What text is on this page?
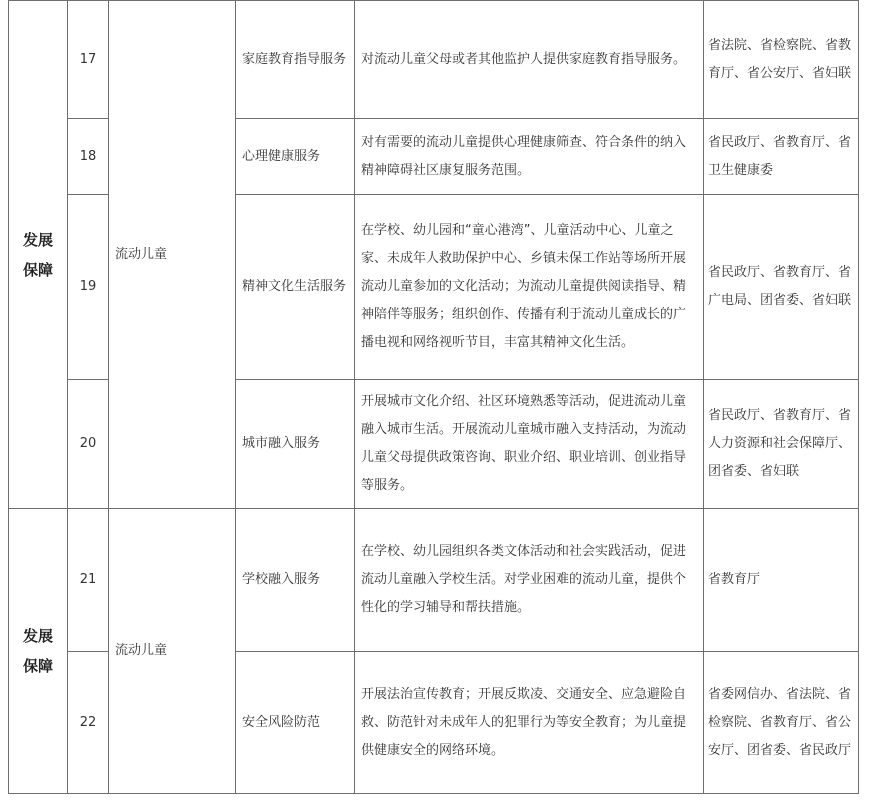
发展
保障	17	流动儿童	家庭教育指导服务	对流动儿童父母或者其他监护人提供家庭教育指导服务。	省法院、省检察院、省教育厅、省公安厅、省妇联
	18		心理健康服务	对有需要的流动儿童提供心理健康筛查、符合条件的纳入精神障碍社区康复服务范围。	省民政厅、省教育厅、省卫生健康委
	19		精神文化生活服务	在学校、幼儿园和“童心港湾”、儿童活动中心、儿童之家、未成年人救助保护中心、乡镇未保工作站等场所开展流动儿童参加的文化活动；为流动儿童提供阅读指导、精神陪伴等服务；组织创作、传播有利于流动儿童成长的广播电视和网络视听节目，丰富其精神文化生活。	省民政厅、省教育厅、省广电局、团省委、省妇联
	20		城市融入服务	开展城市文化介绍、社区环境熟悉等活动，促进流动儿童融入城市生活。开展流动儿童城市融入支持活动，为流动儿童父母提供政策咨询、职业介绍、职业培训、创业指导等服务。	省民政厅、省教育厅、省人力资源和社会保障厅、团省委、省妇联

发展
保障	21	流动儿童	学校融入服务	在学校、幼儿园组织各类文体活动和社会实践活动，促进流动儿童融入学校生活。对学业困难的流动儿童，提供个性化的学习辅导和帮扶措施。	省教育厅
	22		安全风险防范	开展法治宣传教育；开展反欺凌、交通安全、应急避险自救、防范针对未成年人的犯罪行为等安全教育；为儿童提供健康安全的网络环境。	省委网信办、省法院、省检察院、省教育厅、省公安厅、团省委、省民政厅
